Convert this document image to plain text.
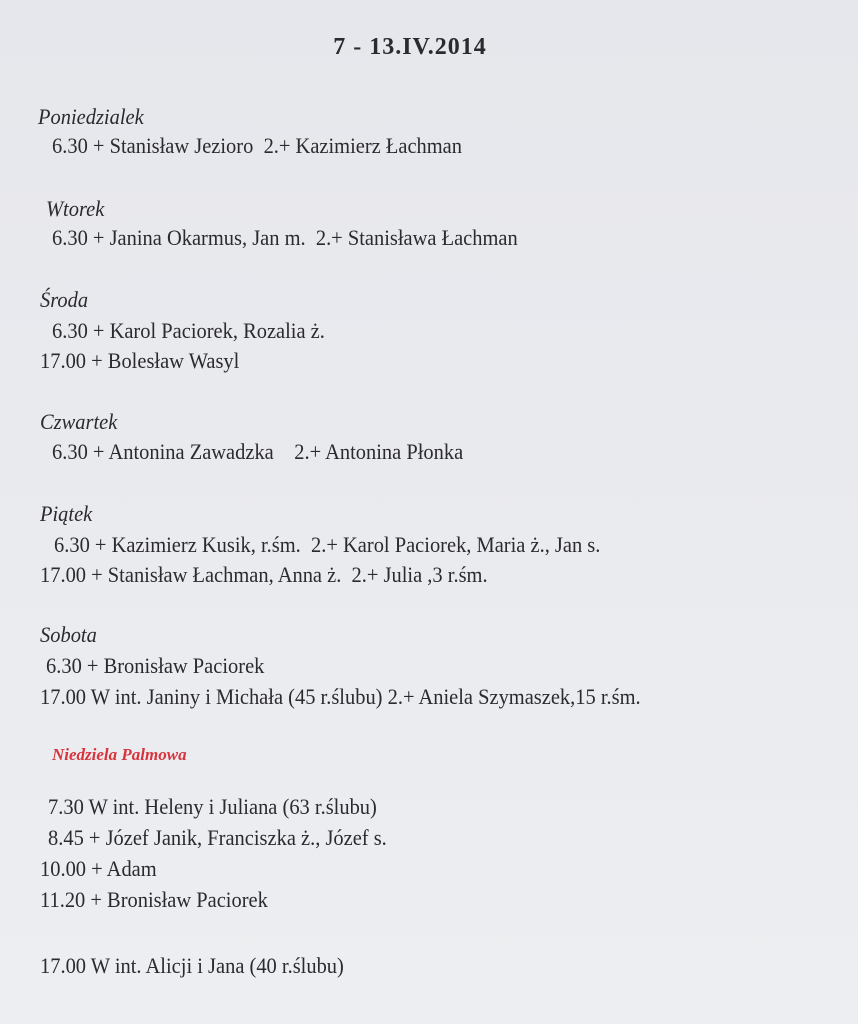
7 - 13.IV.2014
Poniedzialek
6.30 + Stanisław Jezioro  2.+ Kazimierz Łachman
Wtorek
6.30 + Janina Okarmus, Jan m.  2.+ Stanisława Łachman
Środa
6.30 + Karol Paciorek, Rozalia ż.
17.00 + Bolesław Wasyl
Czwartek
6.30 + Antonina Zawadzka    2.+ Antonina Płonka
Piątek
6.30 + Kazimierz Kusik, r.śm.  2.+ Karol Paciorek, Maria ż., Jan s.
17.00 + Stanisław Łachman, Anna ż.  2.+ Julia ,3 r.śm.
Sobota
6.30 + Bronisław Paciorek
17.00 W int. Janiny i Michała (45 r.ślubu) 2.+ Aniela Szymaszek,15 r.śm.
Niedziela Palmowa
7.30 W int. Heleny i Juliana (63 r.ślubu)
8.45 + Józef Janik, Franciszka ż., Józef s.
10.00 + Adam
11.20 + Bronisław Paciorek
17.00 W int. Alicji i Jana (40 r.ślubu)
